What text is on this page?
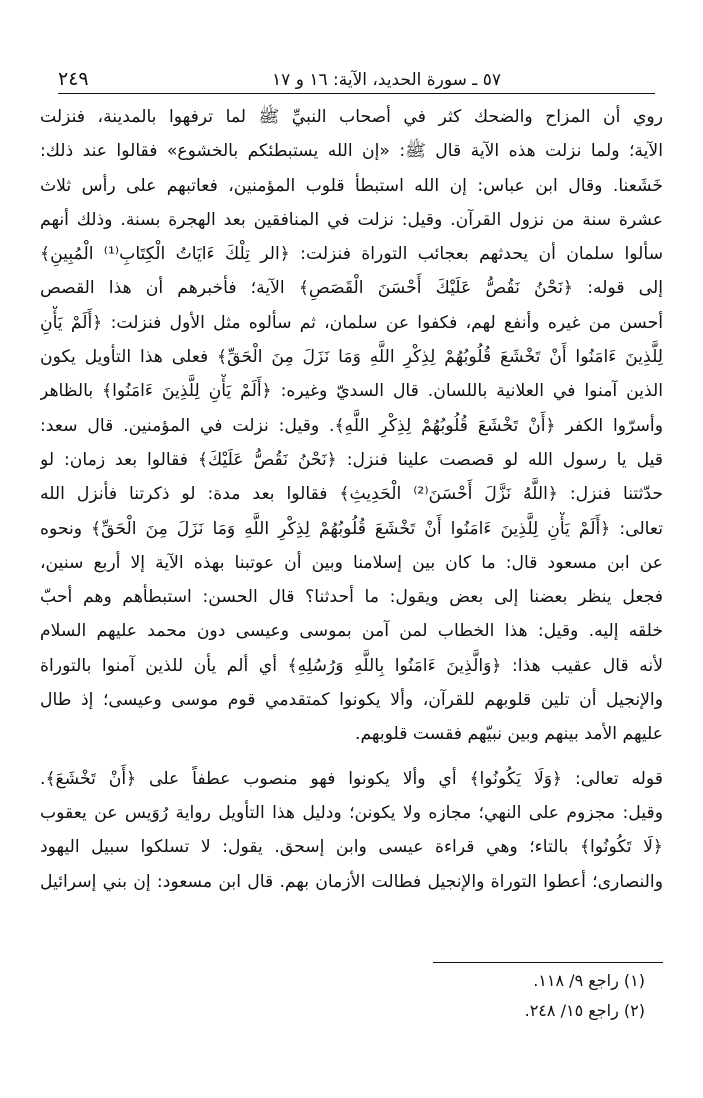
٥٧ ـ سورة الحديد، الآية: ١٦ و ١٧
٢٤٩

روي أن المزاح والضحك كثر في أصحاب النبيِّ ﷺ لما ترفهوا بالمدينة، فنزلت
الآية؛ ولما نزلت هذه الآية قال ﷺ: «إن الله يستبطئكم بالخشوع» فقالوا عند ذلك:
خَشَعنا. وقال ابن عباس: إن الله استبطأ قلوب المؤمنين، فعاتبهم على رأس ثلاث
عشرة سنة من نزول القرآن. وقيل: نزلت في المنافقين بعد الهجرة بسنة. وذلك أنهم
سألوا سلمان أن يحدثهم بعجائب التوراة فنزلت: ﴿الر تِلْكَ ءَايَاتُ الْكِتَابِ⁽¹⁾ الْمُبِينِ﴾
إلى قوله: ﴿نَحْنُ نَقُصُّ عَلَيْكَ أَحْسَنَ الْقَصَصِ﴾ الآية؛ فأخبرهم أن هذا القصص
أحسن من غيره وأنفع لهم، فكفوا عن سلمان، ثم سألوه مثل الأول فنزلت: ﴿أَلَمْ يَأْنِ
لِلَّذِينَ ءَامَنُوا أَنْ تَخْشَعَ قُلُوبُهُمْ لِذِكْرِ اللَّهِ وَمَا نَزَلَ مِنَ الْحَقِّ﴾ فعلى هذا التأويل يكون
الذين آمنوا في العلانية باللسان. قال السديّ وغيره: ﴿أَلَمْ يَأْنِ لِلَّذِينَ ءَامَنُوا﴾ بالظاهر
وأسرّوا الكفر ﴿أَنْ تَخْشَعَ قُلُوبُهُمْ لِذِكْرِ اللَّهِ﴾. وقيل: نزلت في المؤمنين. قال سعد:
قيل يا رسول الله لو قصصت علينا فنزل: ﴿نَحْنُ نَقُصُّ عَلَيْكَ﴾ فقالوا بعد زمان: لو
حدّثتنا فنزل: ﴿اللَّهُ نَزَّلَ أَحْسَنَ⁽²⁾ الْحَدِيثِ﴾ فقالوا بعد مدة: لو ذكرتنا فأنزل الله
تعالى: ﴿أَلَمْ يَأْنِ لِلَّذِينَ ءَامَنُوا أَنْ تَخْشَعَ قُلُوبُهُمْ لِذِكْرِ اللَّهِ وَمَا نَزَلَ مِنَ الْحَقِّ﴾ ونحوه
عن ابن مسعود قال: ما كان بين إسلامنا وبين أن عوتبنا بهذه الآية إلا أربع سنين،
فجعل ينظر بعضنا إلى بعض ويقول: ما أحدثنا؟ قال الحسن: استبطأهم وهم أحبّ
خلقه إليه. وقيل: هذا الخطاب لمن آمن بموسى وعيسى دون محمد عليهم السلام
لأنه قال عقيب هذا: ﴿وَالَّذِينَ ءَامَنُوا بِاللَّهِ وَرُسُلِهِ﴾ أي ألم يأن للذين آمنوا بالتوراة
والإنجيل أن تلين قلوبهم للقرآن، وألا يكونوا كمتقدمي قوم موسى وعيسى؛ إذ طال
عليهم الأمد بينهم وبين نبيّهم فقست قلوبهم.

قوله تعالى: ﴿وَلَا يَكُونُوا﴾ أي وألا يكونوا فهو منصوب عطفاً على ﴿أَنْ تَخْشَعَ﴾.
وقيل: مجزوم على النهي؛ مجازه ولا يكونن؛ ودليل هذا التأويل رواية رُوَيس عن يعقوب
﴿لَا تَكُونُوا﴾ بالتاء؛ وهي قراءة عيسى وابن إسحق. يقول: لا تسلكوا سبيل اليهود
والنصارى؛ أعطوا التوراة والإنجيل فطالت الأزمان بهم. قال ابن مسعود: إن بني إسرائيل

(١) راجع ٩/ ١١٨.

(٢) راجع ١٥/ ٢٤٨.
